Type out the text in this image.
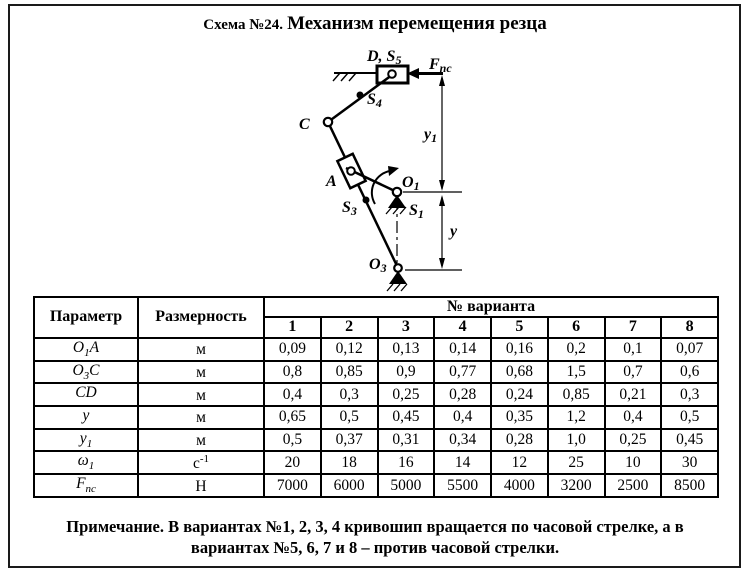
Схема №24. Механизм перемещения резца
D, S5 Fпс
S4
C
y1
A	O1
S1
S3
y
O3
Параметр	Размерность	№ варианта							
		1	2	3	4	5	6	7	8
$O_1A$	м	0,09	0,12	0,13	0,14	0,16	0,2	0,1	0,07
$O_3C$	м	0,8	0,85	0,9	0,77	0,68	1,5	0,7	0,6
CD	м	0,4	0,3	0,25	0,28	0,24	0,85	0,21	0,3
y	м	0,65	0,5	0,45	0,4	0,35	1,2	0,4	0,5
$y_1$	м	0,5	0,37	0,31	0,34	0,28	1,0	0,25	0,45
$\omega_1$	$с^{-1}$	20	18	16	14	12	25	10	30
$F_{пс}$	Н	7000	6000	5000	5500	4000	3200	2500	8500
Примечание. В вариантах №1, 2, 3, 4 кривошип вращается по часовой стрелке, а в
вариантах №5, 6, 7 и 8 – против часовой стрелки.
